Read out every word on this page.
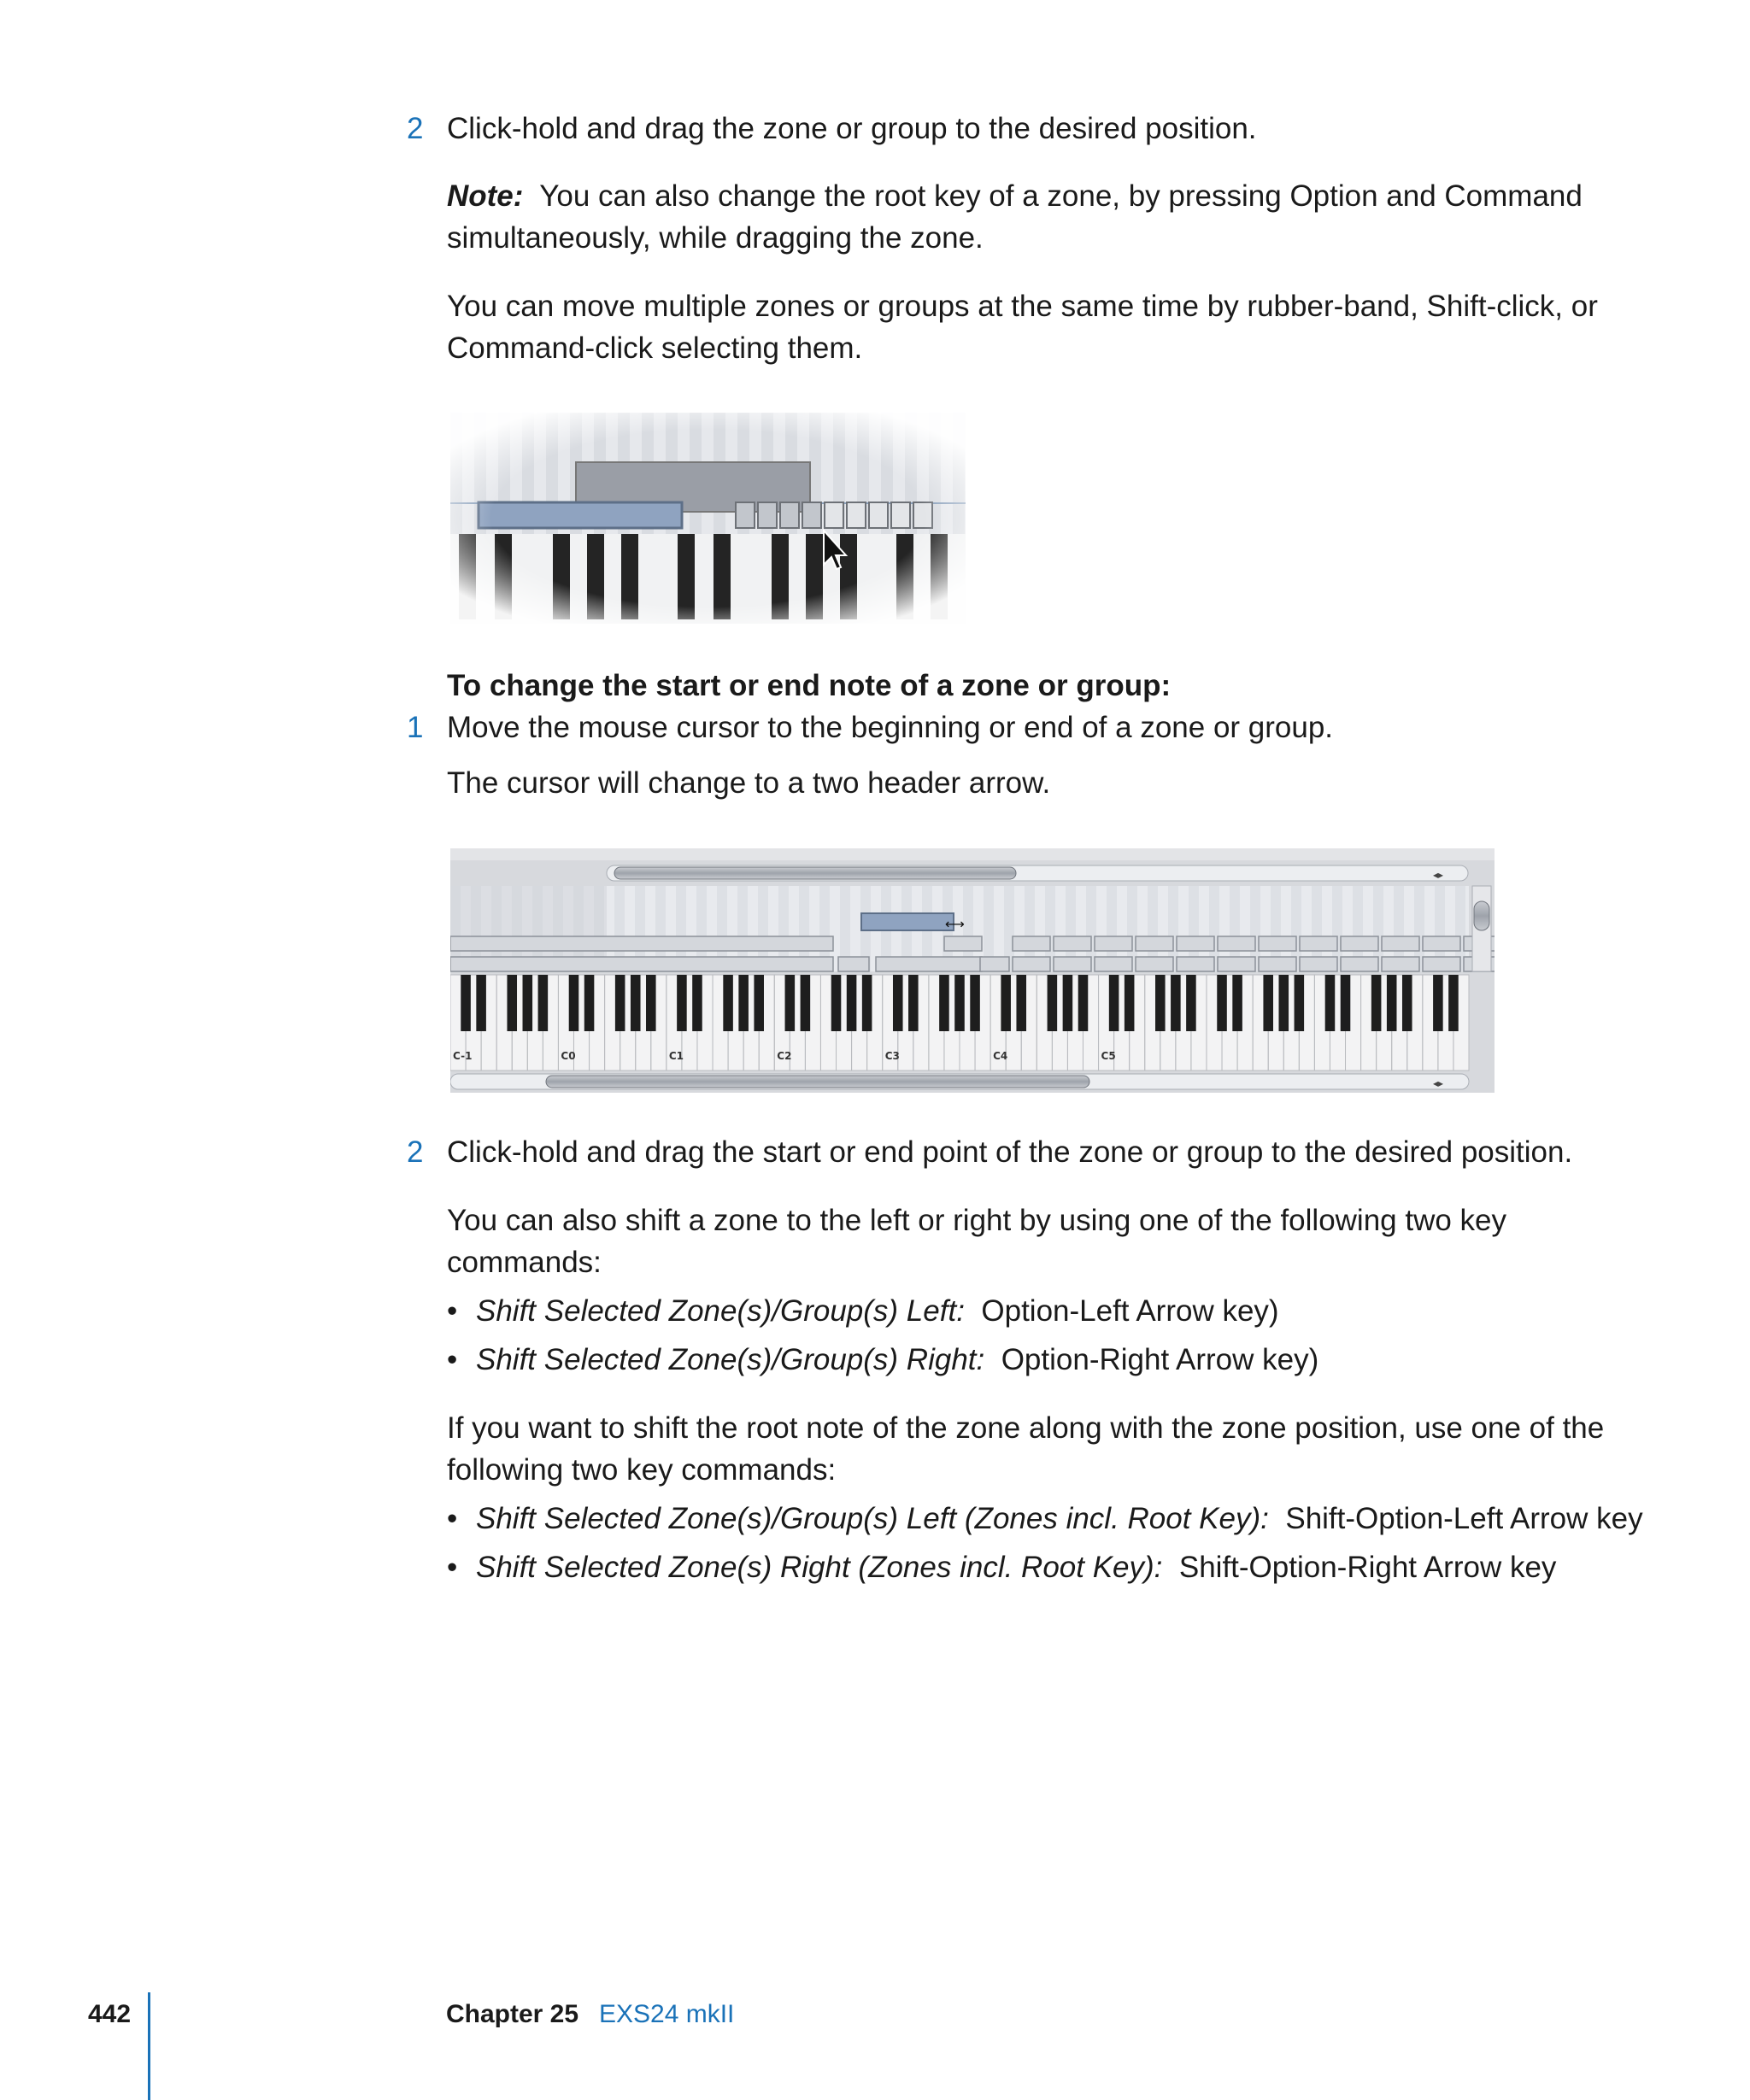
2 Click-hold and drag the zone or group to the desired position.

Note: You can also change the root key of a zone, by pressing Option and Command simultaneously, while dragging the zone.

You can move multiple zones or groups at the same time by rubber-band, Shift-click, or Command-click selecting them.

To change the start or end note of a zone or group:

1 Move the mouse cursor to the beginning or end of a zone or group.

The cursor will change to a two header arrow.

◂▸
⟷
C-1	C0	C1	C2	C3	C4	C5
◂▸
2 Click-hold and drag the start or end point of the zone or group to the desired position.

You can also shift a zone to the left or right by using one of the following two key commands:

• Shift Selected Zone(s)/Group(s) Left: Option-Left Arrow key)
• Shift Selected Zone(s)/Group(s) Right: Option-Right Arrow key)

If you want to shift the root note of the zone along with the zone position, use one of the following two key commands:

• Shift Selected Zone(s)/Group(s) Left (Zones incl. Root Key): Shift-Option-Left Arrow key
• Shift Selected Zone(s) Right (Zones incl. Root Key): Shift-Option-Right Arrow key
442	Chapter 25 EXS24 mkII
